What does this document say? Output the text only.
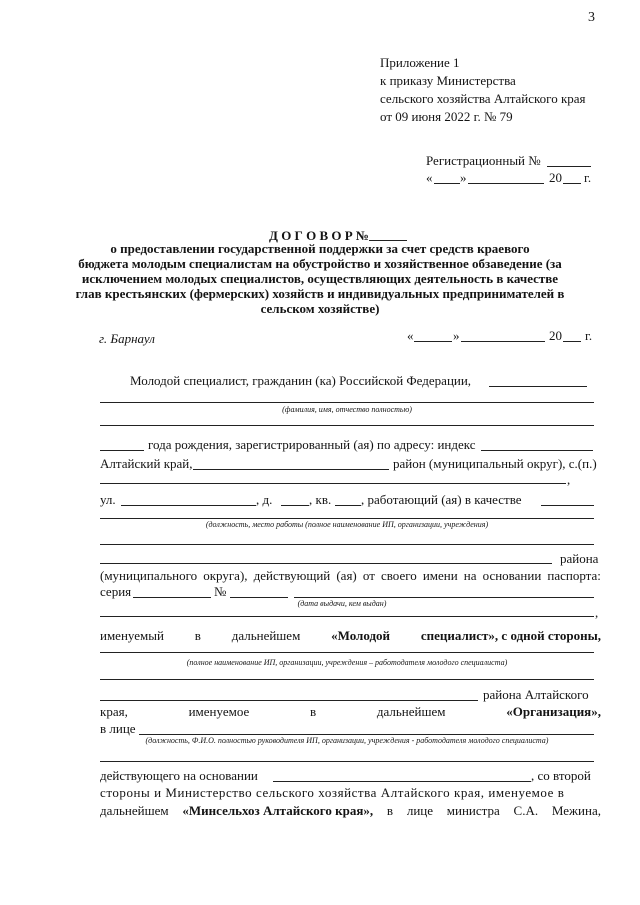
3
Приложение 1
к приказу Министерства
сельского хозяйства Алтайского края
от 09 июня 2022 г. № 79
Регистрационный №
« »	20 г.
Д О Г О В О Р №
о предоставлении государственной поддержки за счет средств краевого
бюджета молодым специалистам на обустройство и хозяйственное обзаведение (за
исключением молодых специалистов, осуществляющих деятельность в качестве
глав крестьянских (фермерских) хозяйств и индивидуальных предпринимателей в
сельском хозяйстве)
г. Барнаул	«	»	20 г.
Молодой специалист, гражданин (ка) Российской Федерации,
(фамилия, имя, отчество полностью)
года рождения, зарегистрированный (ая) по адресу: индекс
Алтайский край,	район (муниципальный округ), с.(п.)
,
ул.	, д.	, кв. , работающий (ая) в качестве
(должность, место работы (полное наименование ИП, организации, учреждения)
района
(муниципального округа), действующий (ая) от своего имени на основании паспорта:
серия	№
(дата выдачи, кем выдан)
,
именуемый в дальнейшем «Молодой специалист», с одной стороны,
(полное наименование ИП, организации, учреждения – работодателя молодого специалиста)
района Алтайского
края,	именуемое	в	дальнейшем	«Организация»,
в лице
(должность, Ф.И.О. полностью руководителя ИП, организации, учреждения - работодателя молодого специалиста)
действующего на основании	, со второй
стороны и Министерство сельского хозяйства Алтайского края, именуемое в
дальнейшем «Минсельхоз Алтайского края», в лице министра С.А. Межина,
